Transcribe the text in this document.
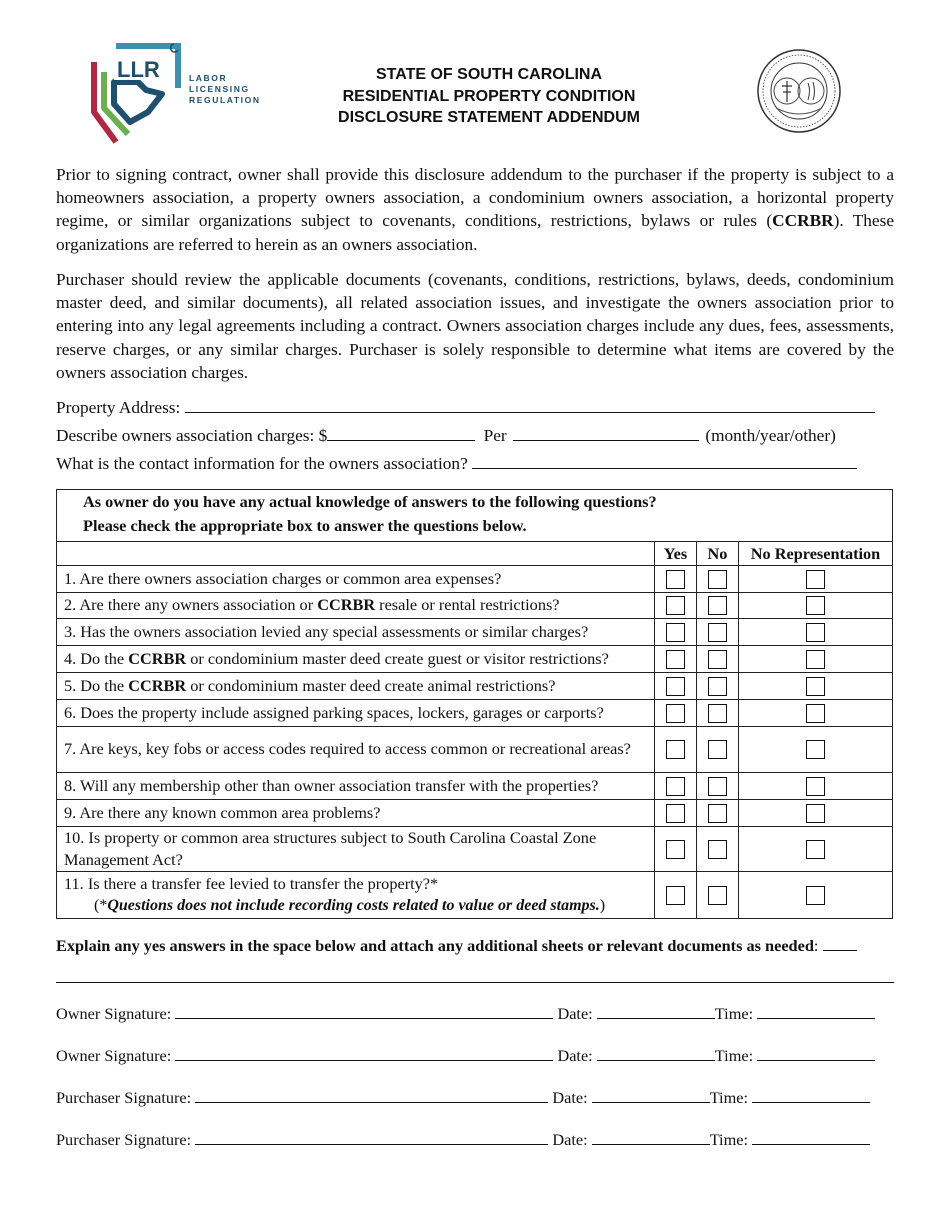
LLR	LABOR
LICENSING
REGULATION
STATE OF SOUTH CAROLINA
RESIDENTIAL PROPERTY CONDITION
DISCLOSURE STATEMENT ADDENDUM
Prior to signing contract, owner shall provide this disclosure addendum to the purchaser if the property is subject to a homeowners association, a property owners association, a condominium owners association, a horizontal property regime, or similar organizations subject to covenants, conditions, restrictions, bylaws or rules (CCRBR). These organizations are referred to herein as an owners association.
Purchaser should review the applicable documents (covenants, conditions, restrictions, bylaws, deeds, condominium master deed, and similar documents), all related association issues, and investigate the owners association prior to entering into any legal agreements including a contract. Owners association charges include any dues, fees, assessments, reserve charges, or any similar charges. Purchaser is solely responsible to determine what items are covered by the owners association charges.
Property Address:
Describe owners association charges: $	Per	(month/year/other)
What is the contact information for the owners association?
As owner do you have any actual knowledge of answers to the following questions?
Please check the appropriate box to answer the questions below.
Yes	No	No Representation
1. Are there owners association charges or common area expenses?
2. Are there any owners association or CCRBR resale or rental restrictions?
3. Has the owners association levied any special assessments or similar charges?
4. Do the CCRBR or condominium master deed create guest or visitor restrictions?
5. Do the CCRBR or condominium master deed create animal restrictions?
6. Does the property include assigned parking spaces, lockers, garages or carports?
7. Are keys, key fobs or access codes required to access common or recreational areas?
8. Will any membership other than owner association transfer with the properties?
9. Are there any known common area problems?
10. Is property or common area structures subject to South Carolina Coastal Zone Management Act?
11. Is there a transfer fee levied to transfer the property?*
(*Questions does not include recording costs related to value or deed stamps.)
Explain any yes answers in the space below and attach any additional sheets or relevant documents as needed:
Owner Signature:	Date:	Time:
Owner Signature:	Date:	Time:
Purchaser Signature:	Date:	Time:
Purchaser Signature:	Date:	Time:
